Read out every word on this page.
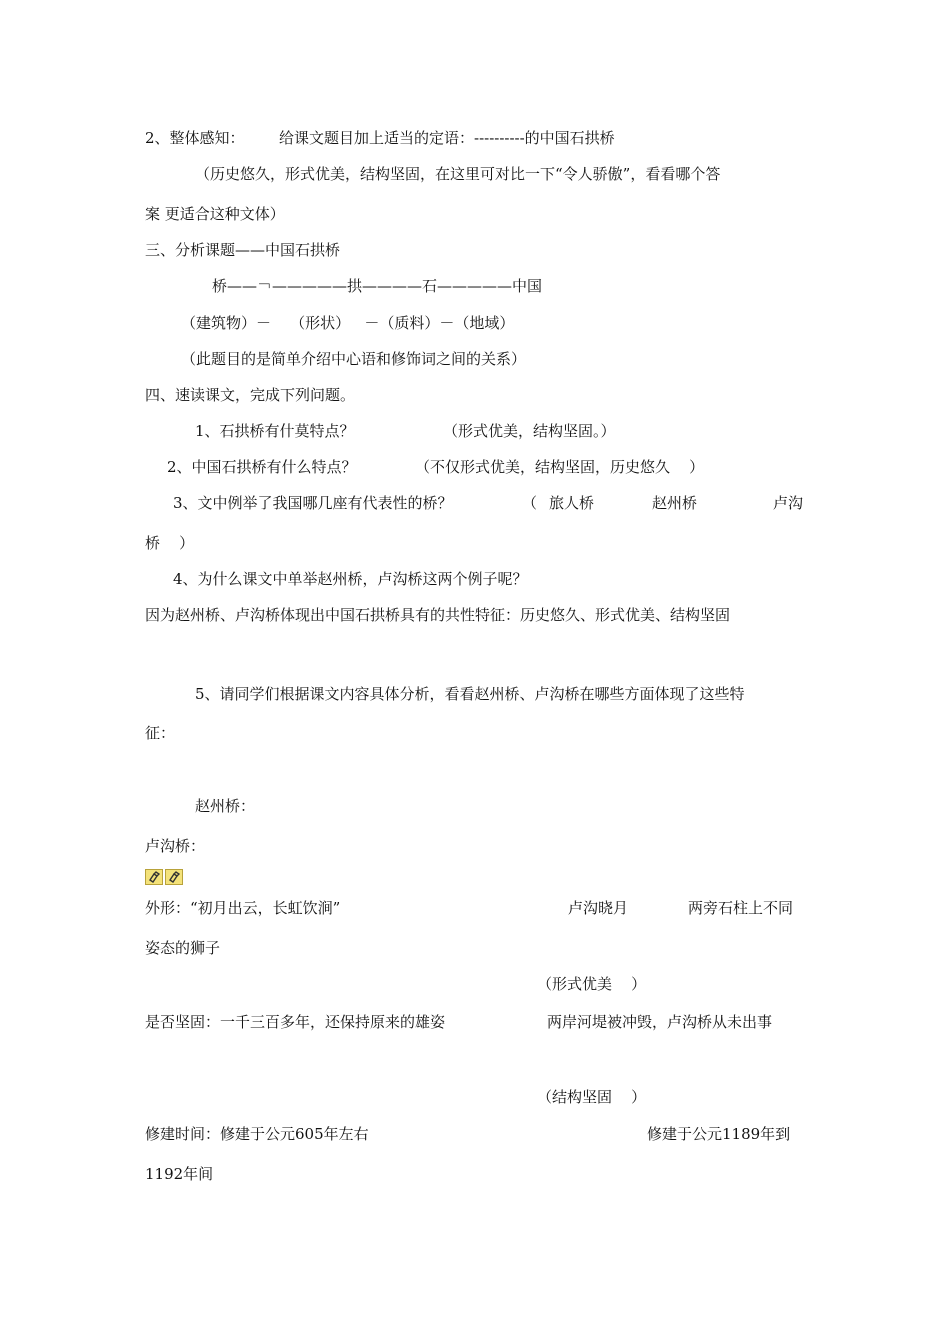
2、整体感知： 给课文题目加上适当的定语：----------的中国石拱桥
（历史悠久，形式优美，结构坚固，在这里可对比一下“令人骄傲”，看看哪个答
案 更适合这种文体）
三、分析课题——中国石拱桥
桥——￢—————拱————石—————中国
（建筑物）－    （形状）   －（质料）－（地域）
（此题目的是简单介绍中心语和修饰词之间的关系）
四、速读课文，完成下列问题。
1、石拱桥有什莫特点？	（形式优美，结构坚固。）
2、中国石拱桥有什么特点？	（不仅形式优美，结构坚固，历史悠久    ）
3、文中例举了我国哪几座有代表性的桥？	（ 旅人桥	赵州桥	卢沟
桥    ）
4、为什么课文中单举赵州桥，卢沟桥这两个例子呢？
因为赵州桥、卢沟桥体现出中国石拱桥具有的共性特征：历史悠久、形式优美、结构坚固
5、请同学们根据课文内容具体分析，看看赵州桥、卢沟桥在哪些方面体现了这些特
征：
赵州桥：
卢沟桥：
外形：“初月出云，长虹饮涧”	卢沟晓月	两旁石柱上不同
姿态的狮子
（形式优美    ）
是否坚固：一千三百多年，还保持原来的雄姿	两岸河堤被冲毁，卢沟桥从未出事
（结构坚固    ）
修建时间：修建于公元605年左右	修建于公元1189年到
1192年间
